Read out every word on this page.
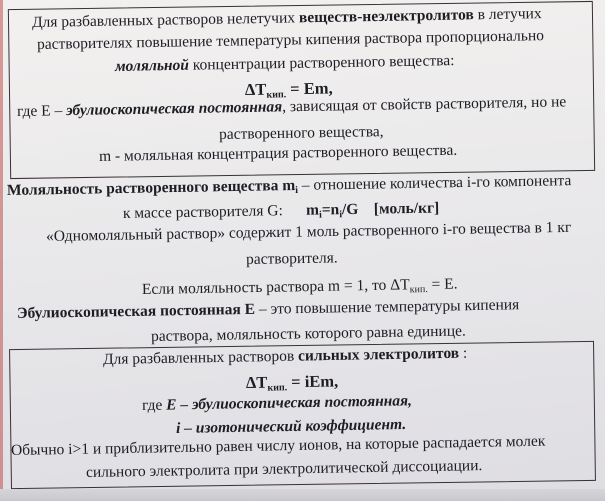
Для разбавленных растворов нелетучих веществ-неэлектролитов в летучих
растворителях повышение температуры кипения раствора пропорционально
моляльной концентрации растворенного вещества:
$\Delta T_{кип.} = Em$,
где Е – эбулиоскопическая постоянная, зависящая от свойств растворителя, но не
растворенного вещества,
m - моляльная концентрация растворенного вещества.
Моляльность растворенного вещества $m_i$ – отношение количества i-го компонента
к массе растворителя G: $m_i=n_i/G$ [моль/кг]
«Одномоляльный раствор» содержит 1 моль растворенного i-го вещества в 1 кг
растворителя.
Если моляльность раствора m = 1, то $\Delta T_{кип.} = E$.
Эбулиоскопическая постоянная Е – это повышение температуры кипения
раствора, моляльность которого равна единице.
Для разбавленных растворов сильных электролитов :
$\Delta T_{кип.}$ = iEm,
где Е – эбулиоскопическая постоянная,
i – изотонический коэффициент.
Обычно i>1 и приблизительно равен числу ионов, на которые распадается молек
сильного электролита при электролитической диссоциации.
